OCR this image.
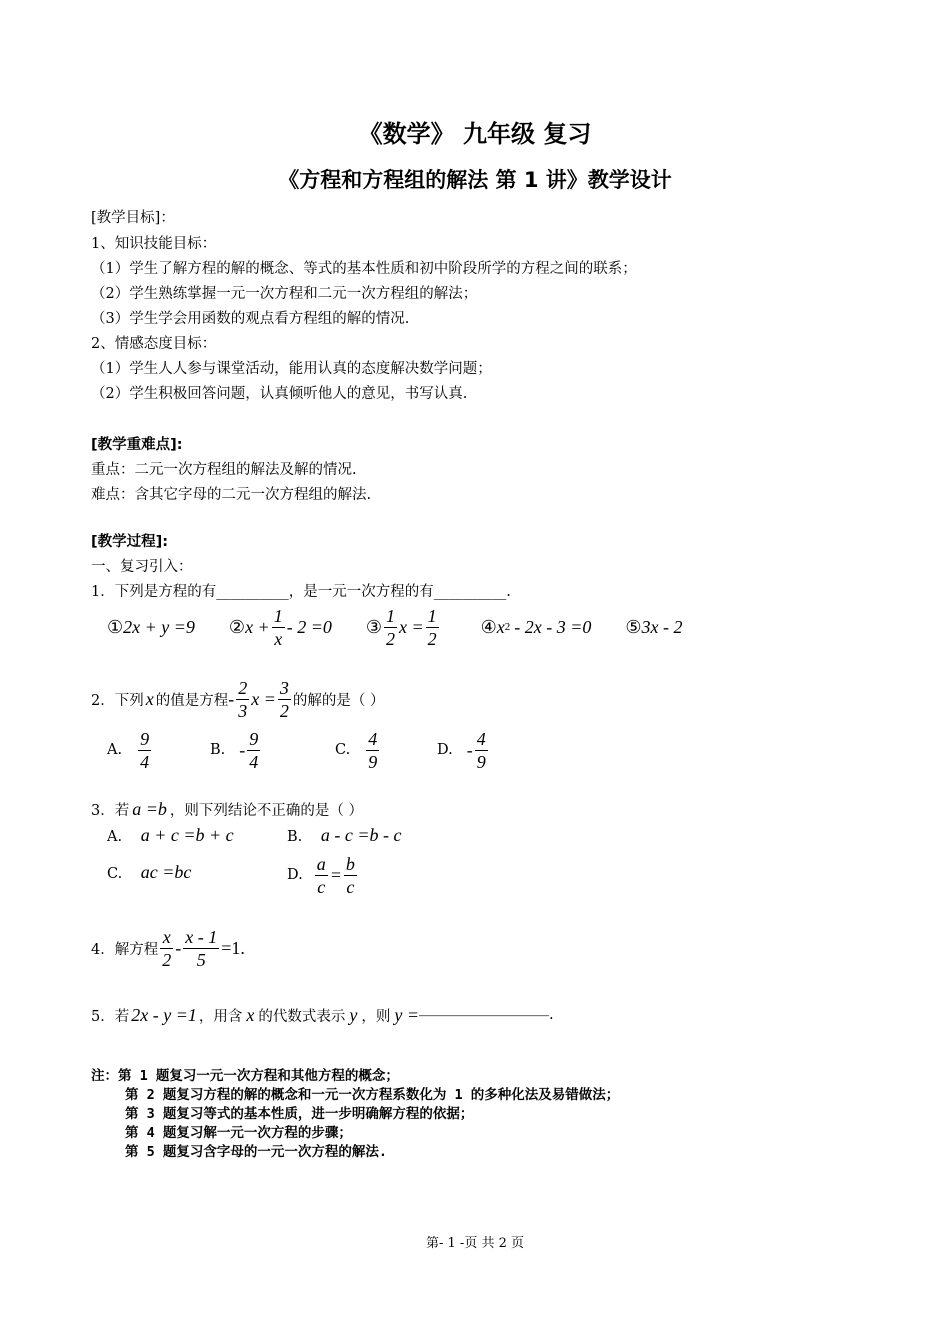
《数学》 九年级 复习
《方程和方程组的解法 第 1 讲》教学设计
[教学目标]：
1、知识技能目标：
（1）学生了解方程的解的概念、等式的基本性质和初中阶段所学的方程之间的联系；
（2）学生熟练掌握一元一次方程和二元一次方程组的解法；
（3）学生学会用函数的观点看方程组的解的情况.
2、情感态度目标：
（1）学生人人参与课堂活动，能用认真的态度解决数学问题；
（2）学生积极回答问题，认真倾听他人的意见，书写认真.
[教学重难点]:
重点：二元一次方程组的解法及解的情况.
难点：含其它字母的二元一次方程组的解法.
[教学过程]:
一、复习引入：
1．下列是方程的有__________，是一元一次方程的有__________.
① 2x + y =9 ② $x + \frac{1}{x} - 2 =0$ ③ $\frac{1}{2}$ $x = \frac{1}{2}$ ④ x 2 - 2x - 3 =0 ⑤ 3x - 2
2．下列 x 的值是方程 - $\frac{2}{3}$ $x = \frac{3}{2}$ 的解的是（ ）
A. $\frac{9}{4}$	B. - $\frac{9}{4}$	C. $\frac{4}{9}$	D. - $\frac{4}{9}$
3．若 a =b ，则下列结论不正确的是（ ）
A. a + c =b + c	B. a - c =b - c
C. ac =bc	D. $\frac{a}{c} = \frac{b}{c}$
4．解方程 $\frac{x}{2} - \frac{x - 1}{5} =1$.
5．若 2x - y =1 ，用含 x 的代数式表示 y ，则 y = —————————— .
注：第 1 题复习一元一次方程和其他方程的概念；
第 2 题复习方程的解的概念和一元一次方程系数化为 1 的多种化法及易错做法；
第 3 题复习等式的基本性质，进一步明确解方程的依据；
第 4 题复习解一元一次方程的步骤；
第 5 题复习含字母的一元一次方程的解法.
第- 1 -页 共 2 页
